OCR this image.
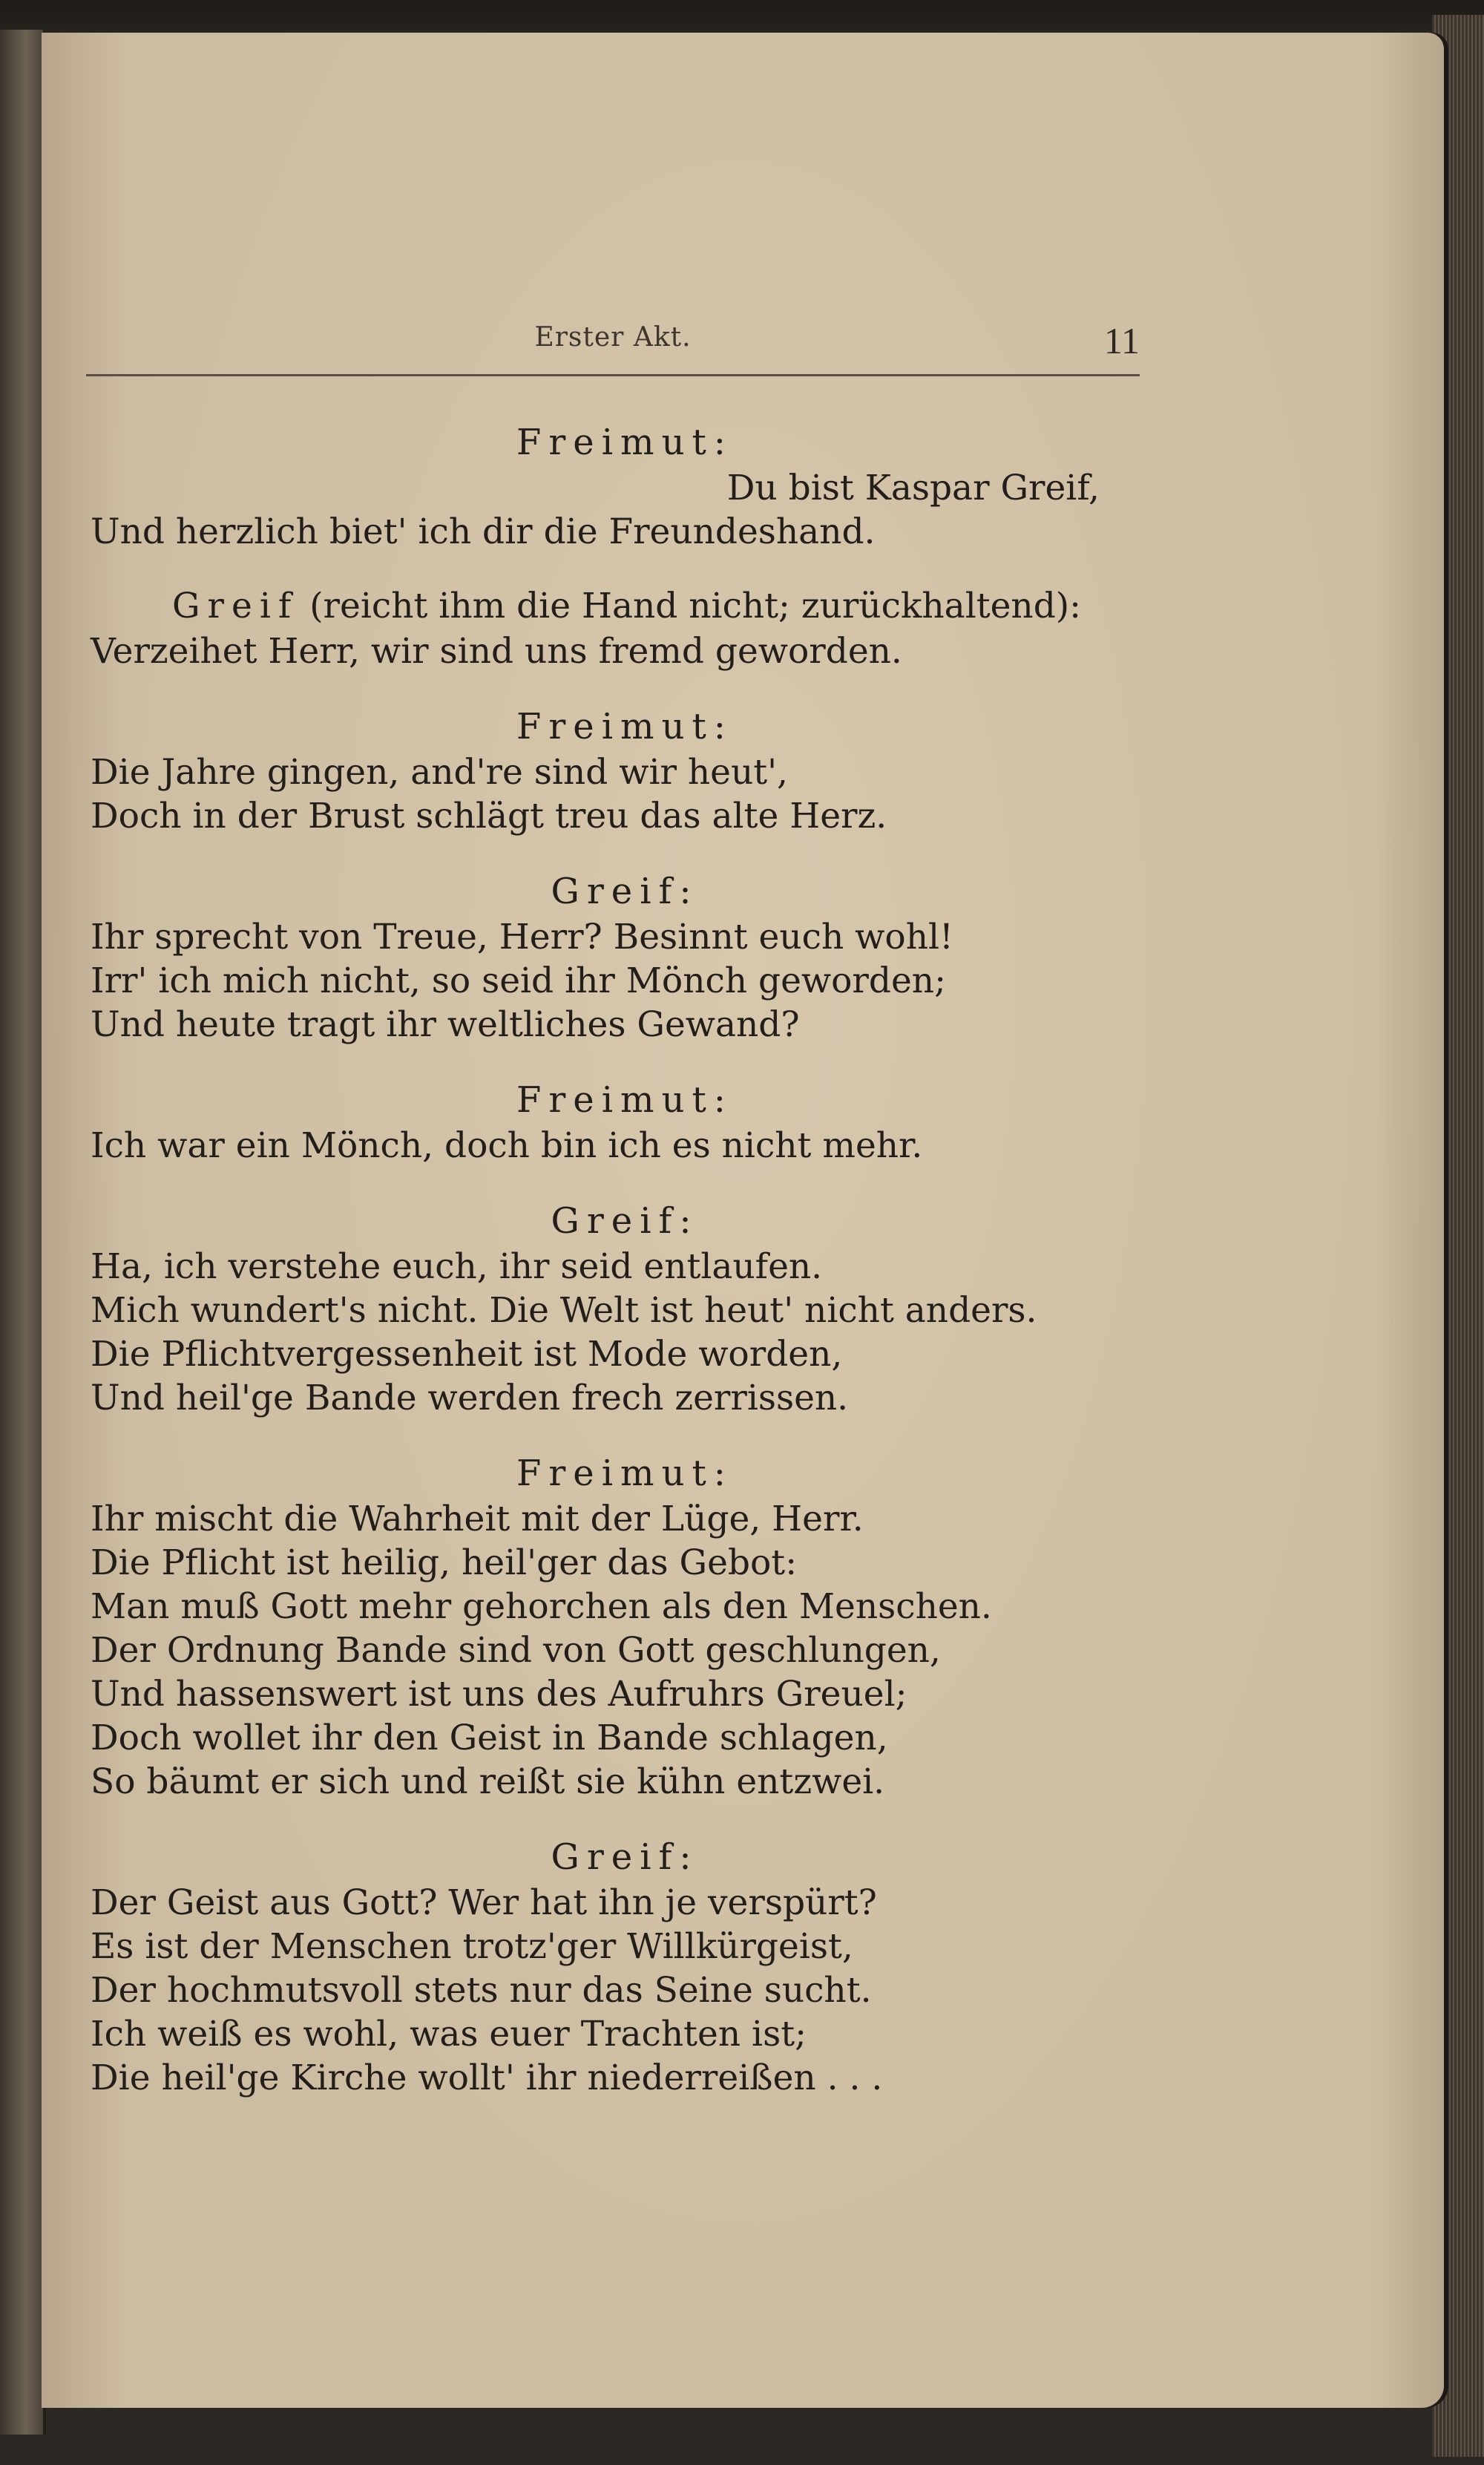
Erster Akt.	11

Freimut:

Du bist Kaspar Greif,

Und herzlich biet' ich dir die Freundeshand.

Greif (reicht ihm die Hand nicht; zurückhaltend):

Verzeihet Herr, wir sind uns fremd geworden.

Freimut:

Die Jahre gingen, and're sind wir heut',

Doch in der Brust schlägt treu das alte Herz.

Greif:

Ihr sprecht von Treue, Herr? Besinnt euch wohl!

Irr' ich mich nicht, so seid ihr Mönch geworden;

Und heute tragt ihr weltliches Gewand?

Freimut:

Ich war ein Mönch, doch bin ich es nicht mehr.

Greif:

Ha, ich verstehe euch, ihr seid entlaufen.

Mich wundert's nicht. Die Welt ist heut' nicht anders.

Die Pflichtvergessenheit ist Mode worden,

Und heil'ge Bande werden frech zerrissen.

Freimut:

Ihr mischt die Wahrheit mit der Lüge, Herr.

Die Pflicht ist heilig, heil'ger das Gebot:

Man muß Gott mehr gehorchen als den Menschen.

Der Ordnung Bande sind von Gott geschlungen,

Und hassenswert ist uns des Aufruhrs Greuel;

Doch wollet ihr den Geist in Bande schlagen,

So bäumt er sich und reißt sie kühn entzwei.

Greif:

Der Geist aus Gott? Wer hat ihn je verspürt?

Es ist der Menschen trotz'ger Willkürgeist,

Der hochmutsvoll stets nur das Seine sucht.

Ich weiß es wohl, was euer Trachten ist;

Die heil'ge Kirche wollt' ihr niederreißen . . .
